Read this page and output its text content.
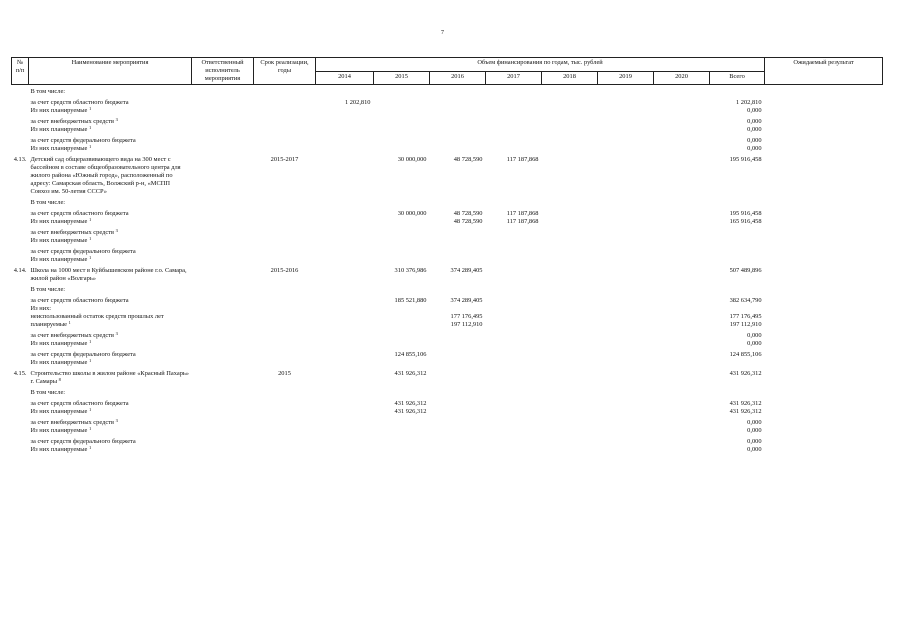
7
№ п/п	Наименование мероприятия	Ответственный исполнитель мероприятия	Срок реализации, годы	Объем финансирования по годам, тыс. рублей								Ожидаемый результат
				2014	2015	2016	2017	2018	2019	2020	Всего	
	В том числе:											
	за счет средств областного бюджета			1 202,810							1 202,810	
	Из них планируемые $^1$										0,000	
	за счет внебюджетных средств $^3$										0,000	
	Из них планируемые $^1$										0,000	
	за счет средств федерального бюджета										0,000	
	Из них планируемые $^1$										0,000	
4.13.	Детский сад общеразвивающего вида на 300 мест с бассейном в составе общеобразовательного центра для жилого района «Южный город», расположенный по адресу: Самарская область, Волжский р-н, «МСПП Совхоз им. 50-летия СССР»		2015-2017		30 000,000	48 728,590	117 187,868				195 916,458	
	В том числе:											
	за счет средств областного бюджета				30 000,000	48 728,590	117 187,868				195 916,458	
	Из них планируемые $^1$					48 728,590	117 187,868				165 916,458	
	за счет внебюджетных средств $^3$											
	Из них планируемые $^1$											
	за счет средств федерального бюджета											
	Из них планируемые $^1$											
4.14.	Школа на 1000 мест в Куйбышевском районе г.о. Самара, жилой район «Волгарь»		2015-2016		310 376,986	374 289,405					507 489,896	
	В том числе:											
	за счет средств областного бюджета				185 521,880	374 289,405					382 634,790	
	Из них:											
	неиспользованный остаток средств прошлых лет					177 176,495					177 176,495	
	планируемые $^1$					197 112,910					197 112,910	
	за счет внебюджетных средств $^3$										0,000	
	Из них планируемые $^1$										0,000	
	за счет средств федерального бюджета				124 855,106						124 855,106	
	Из них планируемые $^1$											
4.15.	Строительство школы в жилом районе «Красный Пахарь» г. Самары $^8$		2015		431 926,312						431 926,312	
	В том числе:											
	за счет средств областного бюджета				431 926,312						431 926,312	
	Из них планируемые $^1$				431 926,312						431 926,312	
	за счет внебюджетных средств $^3$										0,000	
	Из них планируемые $^1$										0,000	
	за счет средств федерального бюджета										0,000	
	Из них планируемые $^1$										0,000	
